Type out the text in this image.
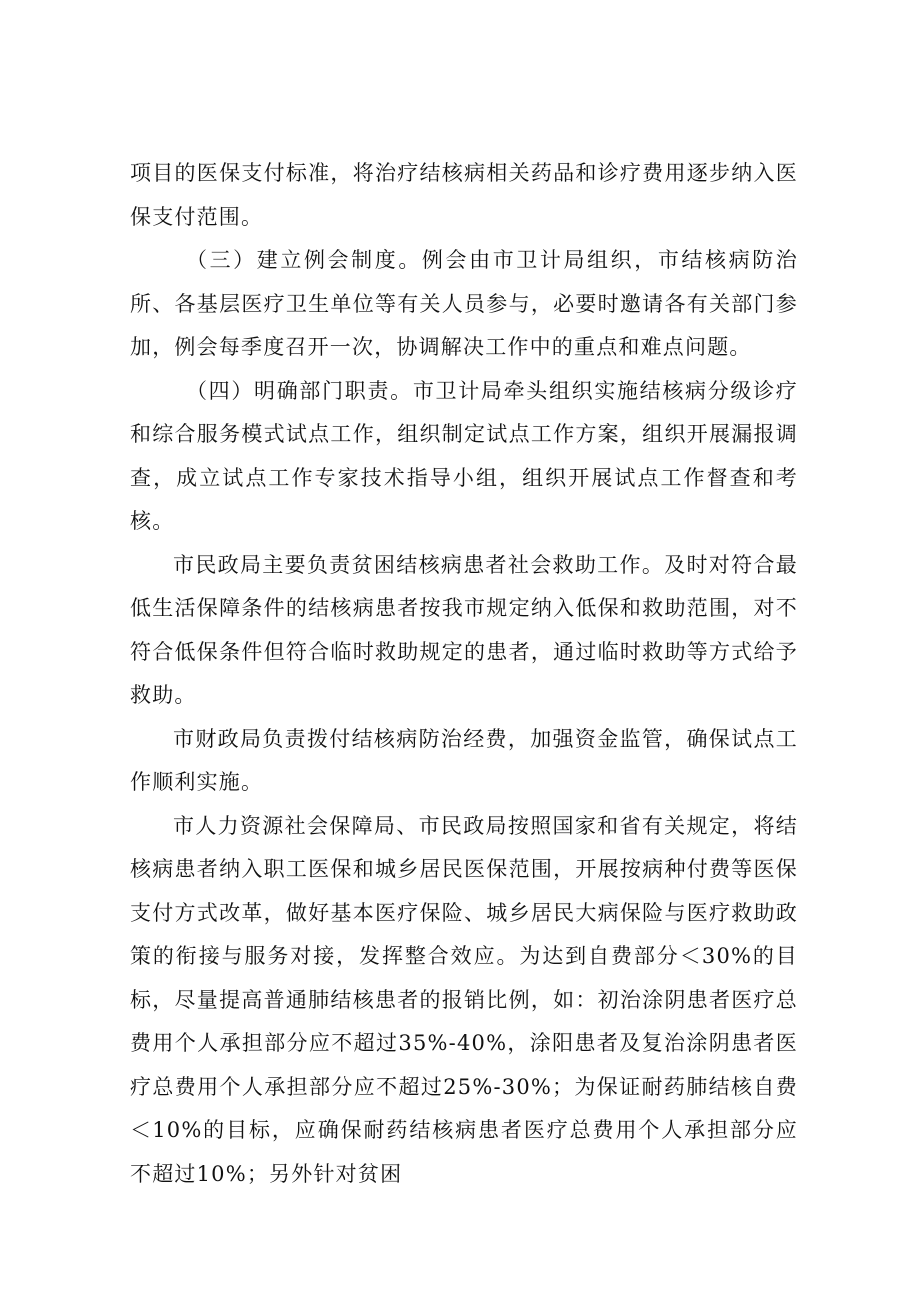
项目的医保支付标准，将治疗结核病相关药品和诊疗费用逐步纳入医保支付范围。

（三）建立例会制度。例会由市卫计局组织，市结核病防治所、各基层医疗卫生单位等有关人员参与，必要时邀请各有关部门参加，例会每季度召开一次，协调解决工作中的重点和难点问题。

（四）明确部门职责。市卫计局牵头组织实施结核病分级诊疗和综合服务模式试点工作，组织制定试点工作方案，组织开展漏报调查，成立试点工作专家技术指导小组，组织开展试点工作督查和考核。

市民政局主要负责贫困结核病患者社会救助工作。及时对符合最低生活保障条件的结核病患者按我市规定纳入低保和救助范围，对不符合低保条件但符合临时救助规定的患者，通过临时救助等方式给予救助。

市财政局负责拨付结核病防治经费，加强资金监管，确保试点工作顺利实施。

市人力资源社会保障局、市民政局按照国家和省有关规定，将结核病患者纳入职工医保和城乡居民医保范围，开展按病种付费等医保支付方式改革，做好基本医疗保险、城乡居民大病保险与医疗救助政策的衔接与服务对接，发挥整合效应。为达到自费部分＜30%的目标，尽量提高普通肺结核患者的报销比例，如：初治涂阴患者医疗总费用个人承担部分应不超过35%-40%，涂阳患者及复治涂阴患者医疗总费用个人承担部分应不超过25%-30%；为保证耐药肺结核自费＜10%的目标，应确保耐药结核病患者医疗总费用个人承担部分应不超过10%；另外针对贫困
